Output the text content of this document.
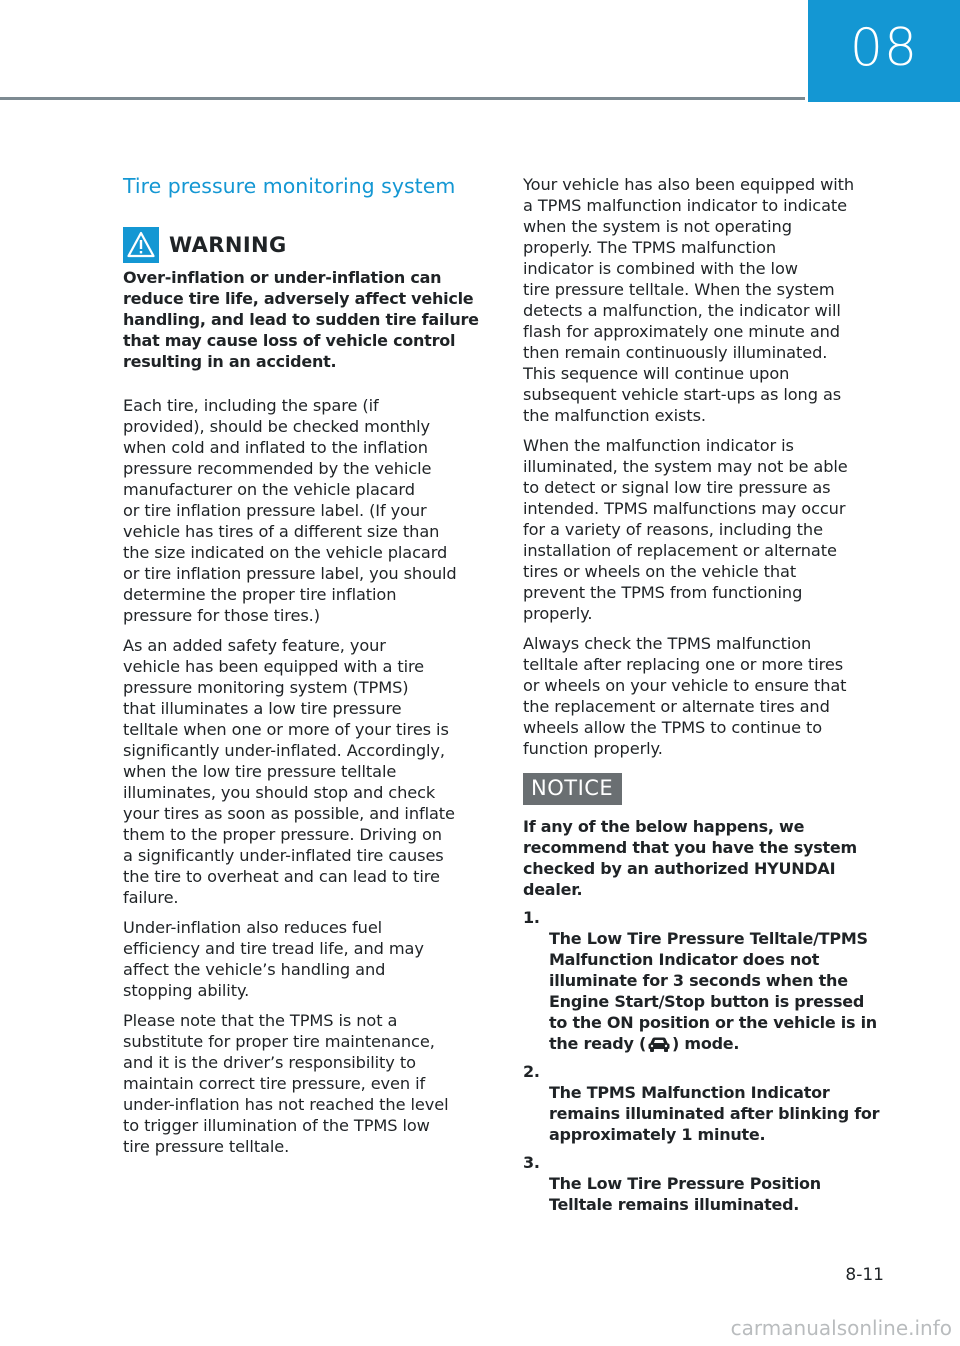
08
Tire pressure monitoring system
WARNING
Over-inflation or under-inflation can
reduce tire life, adversely affect vehicle
handling, and lead to sudden tire failure
that may cause loss of vehicle control
resulting in an accident.

Each tire, including the spare (if
provided), should be checked monthly
when cold and inflated to the inflation
pressure recommended by the vehicle
manufacturer on the vehicle placard
or tire inflation pressure label. (If your
vehicle has tires of a different size than
the size indicated on the vehicle placard
or tire inflation pressure label, you should
determine the proper tire inflation
pressure for those tires.)

As an added safety feature, your
vehicle has been equipped with a tire
pressure monitoring system (TPMS)
that illuminates a low tire pressure
telltale when one or more of your tires is
significantly under-inflated. Accordingly,
when the low tire pressure telltale
illuminates, you should stop and check
your tires as soon as possible, and inflate
them to the proper pressure. Driving on
a significantly under-inflated tire causes
the tire to overheat and can lead to tire
failure.

Under-inflation also reduces fuel
efficiency and tire tread life, and may
affect the vehicle’s handling and
stopping ability.

Please note that the TPMS is not a
substitute for proper tire maintenance,
and it is the driver’s responsibility to
maintain correct tire pressure, even if
under-inflation has not reached the level
to trigger illumination of the TPMS low
tire pressure telltale.

Your vehicle has also been equipped with
a TPMS malfunction indicator to indicate
when the system is not operating
properly. The TPMS malfunction
indicator is combined with the low
tire pressure telltale. When the system
detects a malfunction, the indicator will
flash for approximately one minute and
then remain continuously illuminated.
This sequence will continue upon
subsequent vehicle start-ups as long as
the malfunction exists.

When the malfunction indicator is
illuminated, the system may not be able
to detect or signal low tire pressure as
intended. TPMS malfunctions may occur
for a variety of reasons, including the
installation of replacement or alternate
tires or wheels on the vehicle that
prevent the TPMS from functioning
properly.

Always check the TPMS malfunction
telltale after replacing one or more tires
or wheels on your vehicle to ensure that
the replacement or alternate tires and
wheels allow the TPMS to continue to
function properly.

NOTICE
If any of the below happens, we
recommend that you have the system
checked by an authorized HYUNDAI
dealer.

1.
The Low Tire Pressure Telltale/TPMS
Malfunction Indicator does not
illuminate for 3 seconds when the
Engine Start/Stop button is pressed
to the ON position or the vehicle is in
the ready ( ) mode.

2.
The TPMS Malfunction Indicator
remains illuminated after blinking for
approximately 1 minute.

3.
The Low Tire Pressure Position
Telltale remains illuminated.

8-11
carmanualsonline.info
